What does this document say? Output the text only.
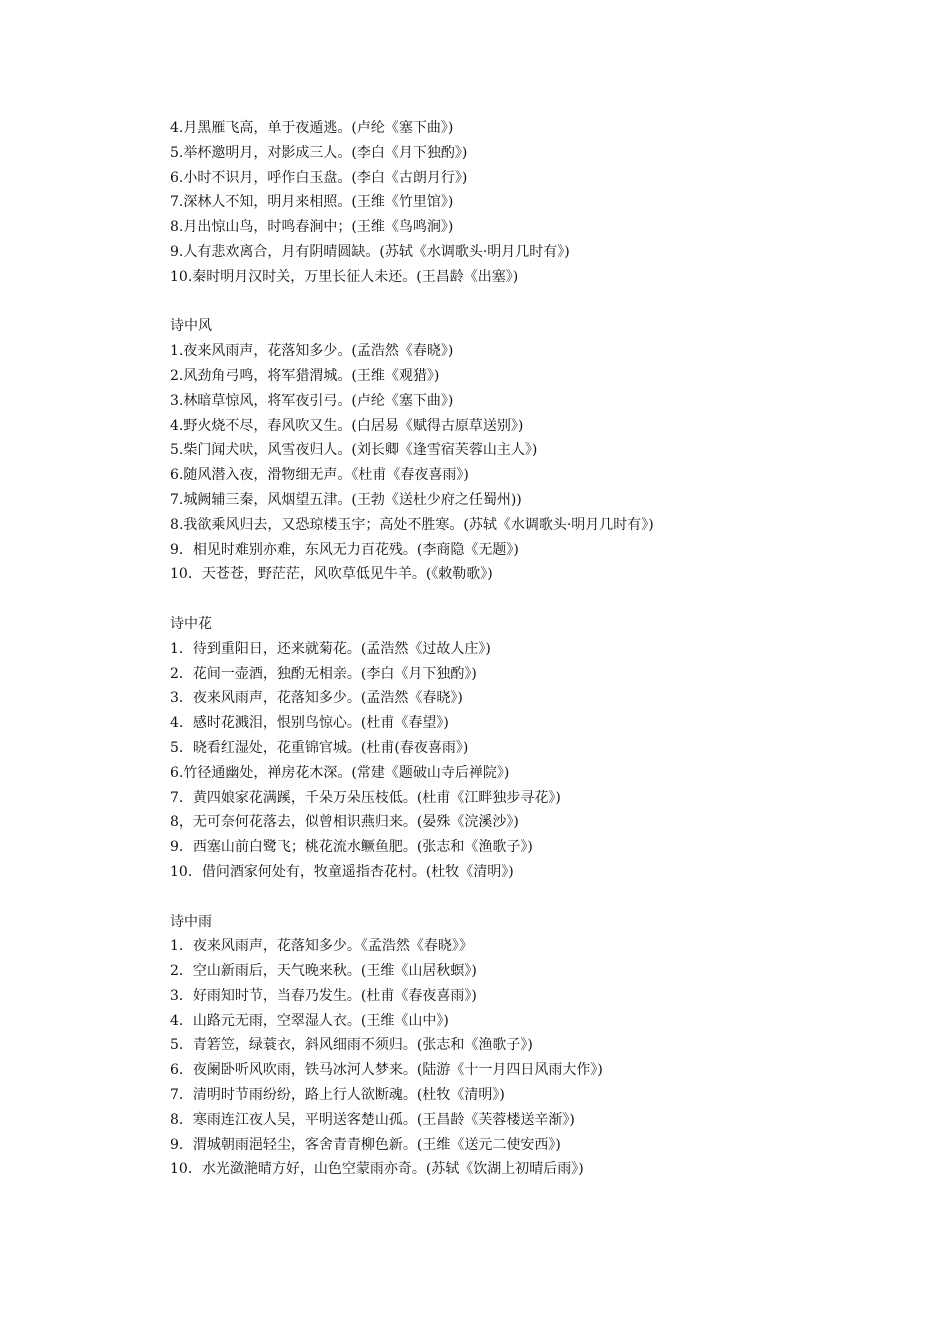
4.月黑雁飞高，单于夜遁逃。(卢纶《塞下曲》)
5.举杯邀明月，对影成三人。(李白《月下独酌》)
6.小时不识月，呼作白玉盘。(李白《古朗月行》)
7.深林人不知，明月来相照。(王维《竹里馆》)
8.月出惊山鸟，时鸣春涧中；(王维《鸟鸣涧》)
9.人有悲欢离合，月有阴晴圆缺。(苏轼《水调歌头·明月几时有》)
10.秦时明月汉时关，万里长征人未还。(王昌龄《出塞》)
诗中风
1.夜来风雨声，花落知多少。(孟浩然《春晓》)
2.风劲角弓鸣，将军猎渭城。(王维《观猎》)
3.林暗草惊风，将军夜引弓。(卢纶《塞下曲》)
4.野火烧不尽，春风吹又生。(白居易《赋得古原草送别》)
5.柴门闻犬吠，风雪夜归人。(刘长卿《逢雪宿芙蓉山主人》)
6.随风潜入夜，滑物细无声。《杜甫《春夜喜雨》)
7.城阙辅三秦，风烟望五津。(王勃《送杜少府之任蜀州))
8.我欲乘风归去，又恐琼楼玉宇；高处不胜寒。(苏轼《水调歌头·明月几时有》)
9．相见时难别亦难，东风无力百花残。(李商隐《无题》)
10．天苍苍，野茫茫，风吹草低见牛羊。(《敕勒歌》)
诗中花
1．待到重阳日，还来就菊花。(孟浩然《过故人庄》)
2．花间一壶酒，独酌无相亲。(李白《月下独酌》)
3．夜来风雨声，花落知多少。(孟浩然《春晓》)
4．感时花溅泪，恨别鸟惊心。(杜甫《春望》)
5．晓看红湿处，花重锦官城。(杜甫(春夜喜雨》)
6.竹径通幽处，禅房花木深。(常建《题破山寺后禅院》)
7．黄四娘家花满蹊，千朵万朵压枝低。(杜甫《江畔独步寻花》)
8，无可奈何花落去，似曾相识燕归来。(晏殊《浣溪沙》)
9．西塞山前白鹭飞；桃花流水鳜鱼肥。(张志和《渔歌子》)
10．借问酒家何处有，牧童遥指杏花村。(杜牧《清明》)
诗中雨
1．夜来风雨声，花落知多少。《孟浩然《春晓》》
2．空山新雨后，天气晚来秋。(王维《山居秋螟》)
3．好雨知时节，当春乃发生。(杜甫《春夜喜雨》)
4．山路元无雨，空翠湿人衣。(王维《山中》)
5．青箬笠，绿蓑衣，斜风细雨不须归。(张志和《渔歌子》)
6．夜阑卧听风吹雨，铁马冰河人梦来。(陆游《十一月四日风雨大作》)
7．清明时节雨纷纷，路上行人欲断魂。(杜牧《清明》)
8．寒雨连江夜人吴，平明送客楚山孤。(王昌龄《芙蓉楼送辛渐》)
9．渭城朝雨浥轻尘，客舍青青柳色新。(王维《送元二使安西》)
10．水光潋滟晴方好，山色空蒙雨亦奇。(苏轼《饮湖上初晴后雨》)
